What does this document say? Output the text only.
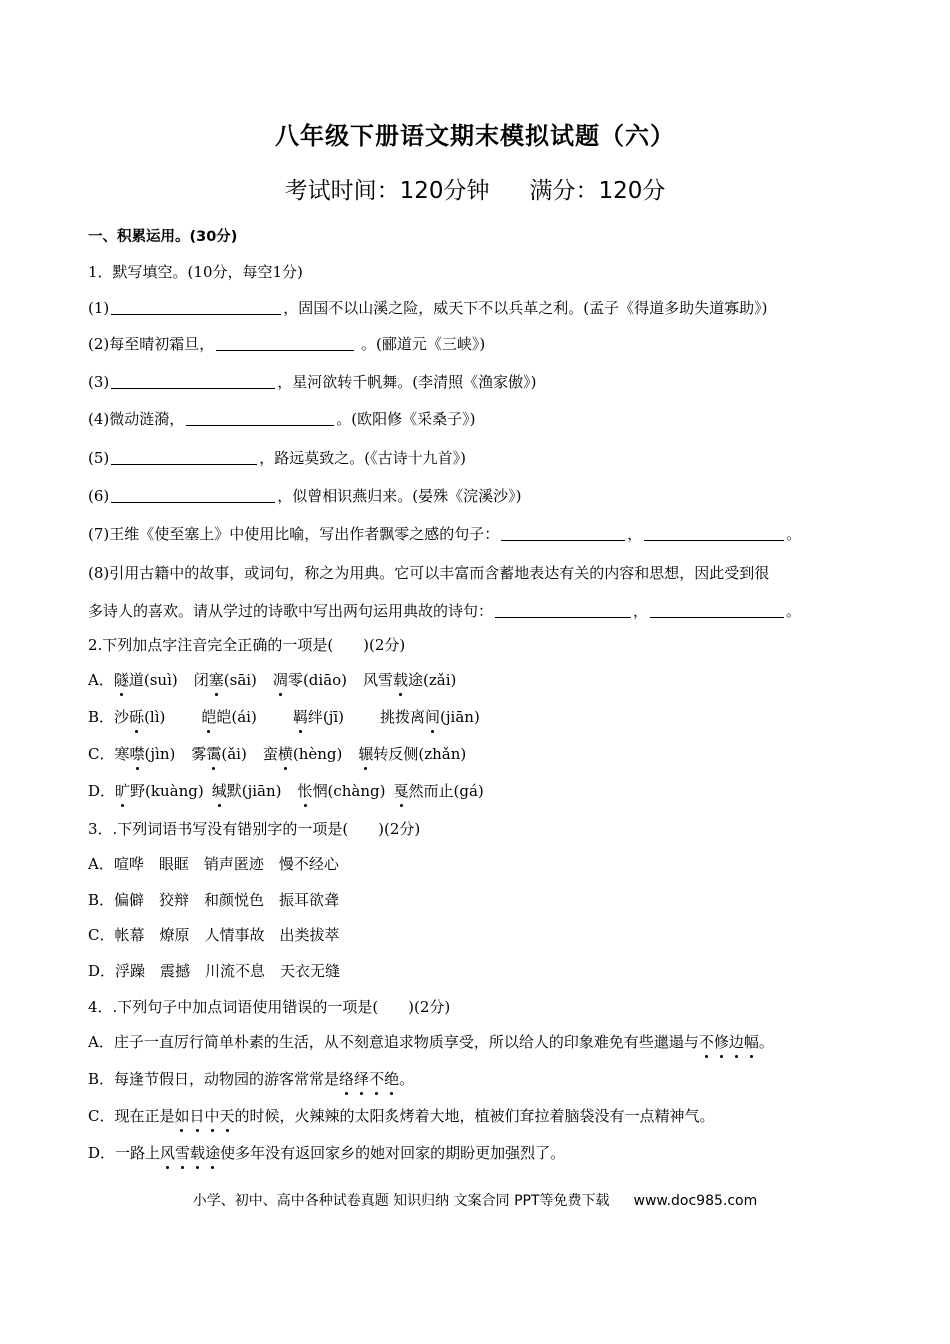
八年级下册语文期末模拟试题（六）
考试时间：120分钟 满分：120分
一、积累运用。(30分)
1．默写填空。(10分，每空1分)
(1)	，固国不以山溪之险，威天下不以兵革之利。(孟子《得道多助失道寡助》)
(2)每至晴初霜旦，	。(郦道元《三峡》)
(3)	，星河欲转千帆舞。(李清照《渔家傲》)
(4)微动涟漪，	。(欧阳修《采桑子》)
(5)	，路远莫致之。(《古诗十九首》)
(6)	，似曾相识燕归来。(晏殊《浣溪沙》)
(7)王维《使至塞上》中使用比喻，写出作者飘零之感的句子：	，	。
(8)引用古籍中的故事，或词句，称之为用典。它可以丰富而含蓄地表达有关的内容和思想，因此受到很
多诗人的喜欢。请从学过的诗歌中写出两句运用典故的诗句：	，	。
2.下列加点字注音完全正确的一项是(　　)(2分)
A．隧道(suì) 闭塞(sāi) 凋零(diāo) 风雪载途(zǎi)
B．沙砾(lì) 皑皑(ái) 羁绊(jī) 挑拨离间(jiān)
C．寒噤(jìn) 雾霭(ǎi) 蛮横(hèng) 辗转反侧(zhǎn)
D．旷野(kuàng) 缄默(jiān) 怅惘(chàng) 戛然而止(gá)
3．.下列词语书写没有错别字的一项是(　　)(2分)
A．喧哗　眼眶　销声匿迹　慢不经心
B．偏僻　狡辩　和颜悦色　振耳欲聋
C．帐幕　燎原　人情事故　出类拔萃
D．浮躁　震撼　川流不息　天衣无缝
4．.下列句子中加点词语使用错误的一项是(　　)(2分)
A．庄子一直厉行简单朴素的生活，从不刻意追求物质享受，所以给人的印象难免有些邋遢与不修边幅。
B．每逢节假日，动物园的游客常常是络绎不绝。
C．现在正是如日中天的时候，火辣辣的太阳炙烤着大地，植被们耷拉着脑袋没有一点精神气。
D．一路上风雪载途使多年没有返回家乡的她对回家的期盼更加强烈了。
小学、初中、高中各种试卷真题 知识归纳 文案合同 PPT等免费下载 www.doc985.com
